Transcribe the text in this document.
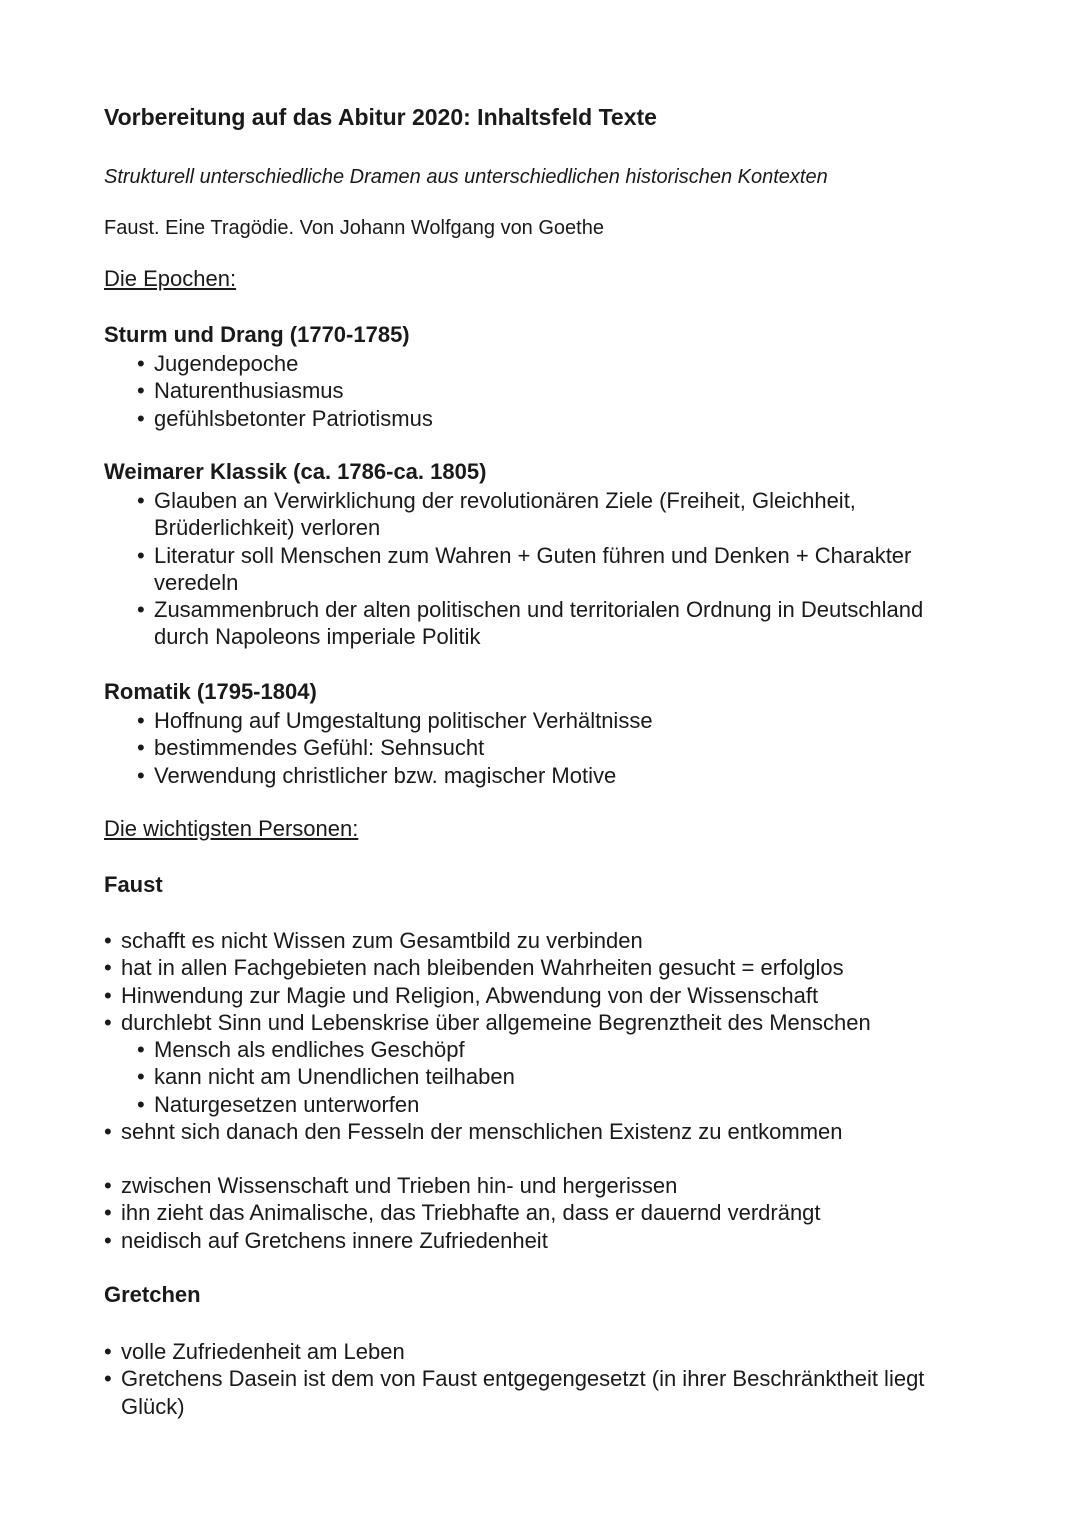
Vorbereitung auf das Abitur 2020: Inhaltsfeld Texte
Strukturell unterschiedliche Dramen aus unterschiedlichen historischen Kontexten
Faust. Eine Tragödie. Von Johann Wolfgang von Goethe
Die Epochen:
Sturm und Drang (1770-1785)
• Jugendepoche
• Naturenthusiasmus
• gefühlsbetonter Patriotismus
Weimarer Klassik (ca. 1786-ca. 1805)
• Glauben an Verwirklichung der revolutionären Ziele (Freiheit, Gleichheit, Brüderlichkeit) verloren
• Literatur soll Menschen zum Wahren + Guten führen und Denken + Charakter veredeln
• Zusammenbruch der alten politischen und territorialen Ordnung in Deutschland durch Napoleons imperiale Politik
Romatik (1795-1804)
• Hoffnung auf Umgestaltung politischer Verhältnisse
• bestimmendes Gefühl: Sehnsucht
• Verwendung christlicher bzw. magischer Motive
Die wichtigsten Personen:
Faust
• schafft es nicht Wissen zum Gesamtbild zu verbinden
• hat in allen Fachgebieten nach bleibenden Wahrheiten gesucht = erfolglos
• Hinwendung zur Magie und Religion, Abwendung von der Wissenschaft
• durchlebt Sinn und Lebenskrise über allgemeine Begrenztheit des Menschen
• Mensch als endliches Geschöpf
• kann nicht am Unendlichen teilhaben
• Naturgesetzen unterworfen
• sehnt sich danach den Fesseln der menschlichen Existenz zu entkommen
• zwischen Wissenschaft und Trieben hin- und hergerissen
• ihn zieht das Animalische, das Triebhafte an, dass er dauernd verdrängt
• neidisch auf Gretchens innere Zufriedenheit
Gretchen
• volle Zufriedenheit am Leben
• Gretchens Dasein ist dem von Faust entgegengesetzt (in ihrer Beschränktheit liegt Glück)
